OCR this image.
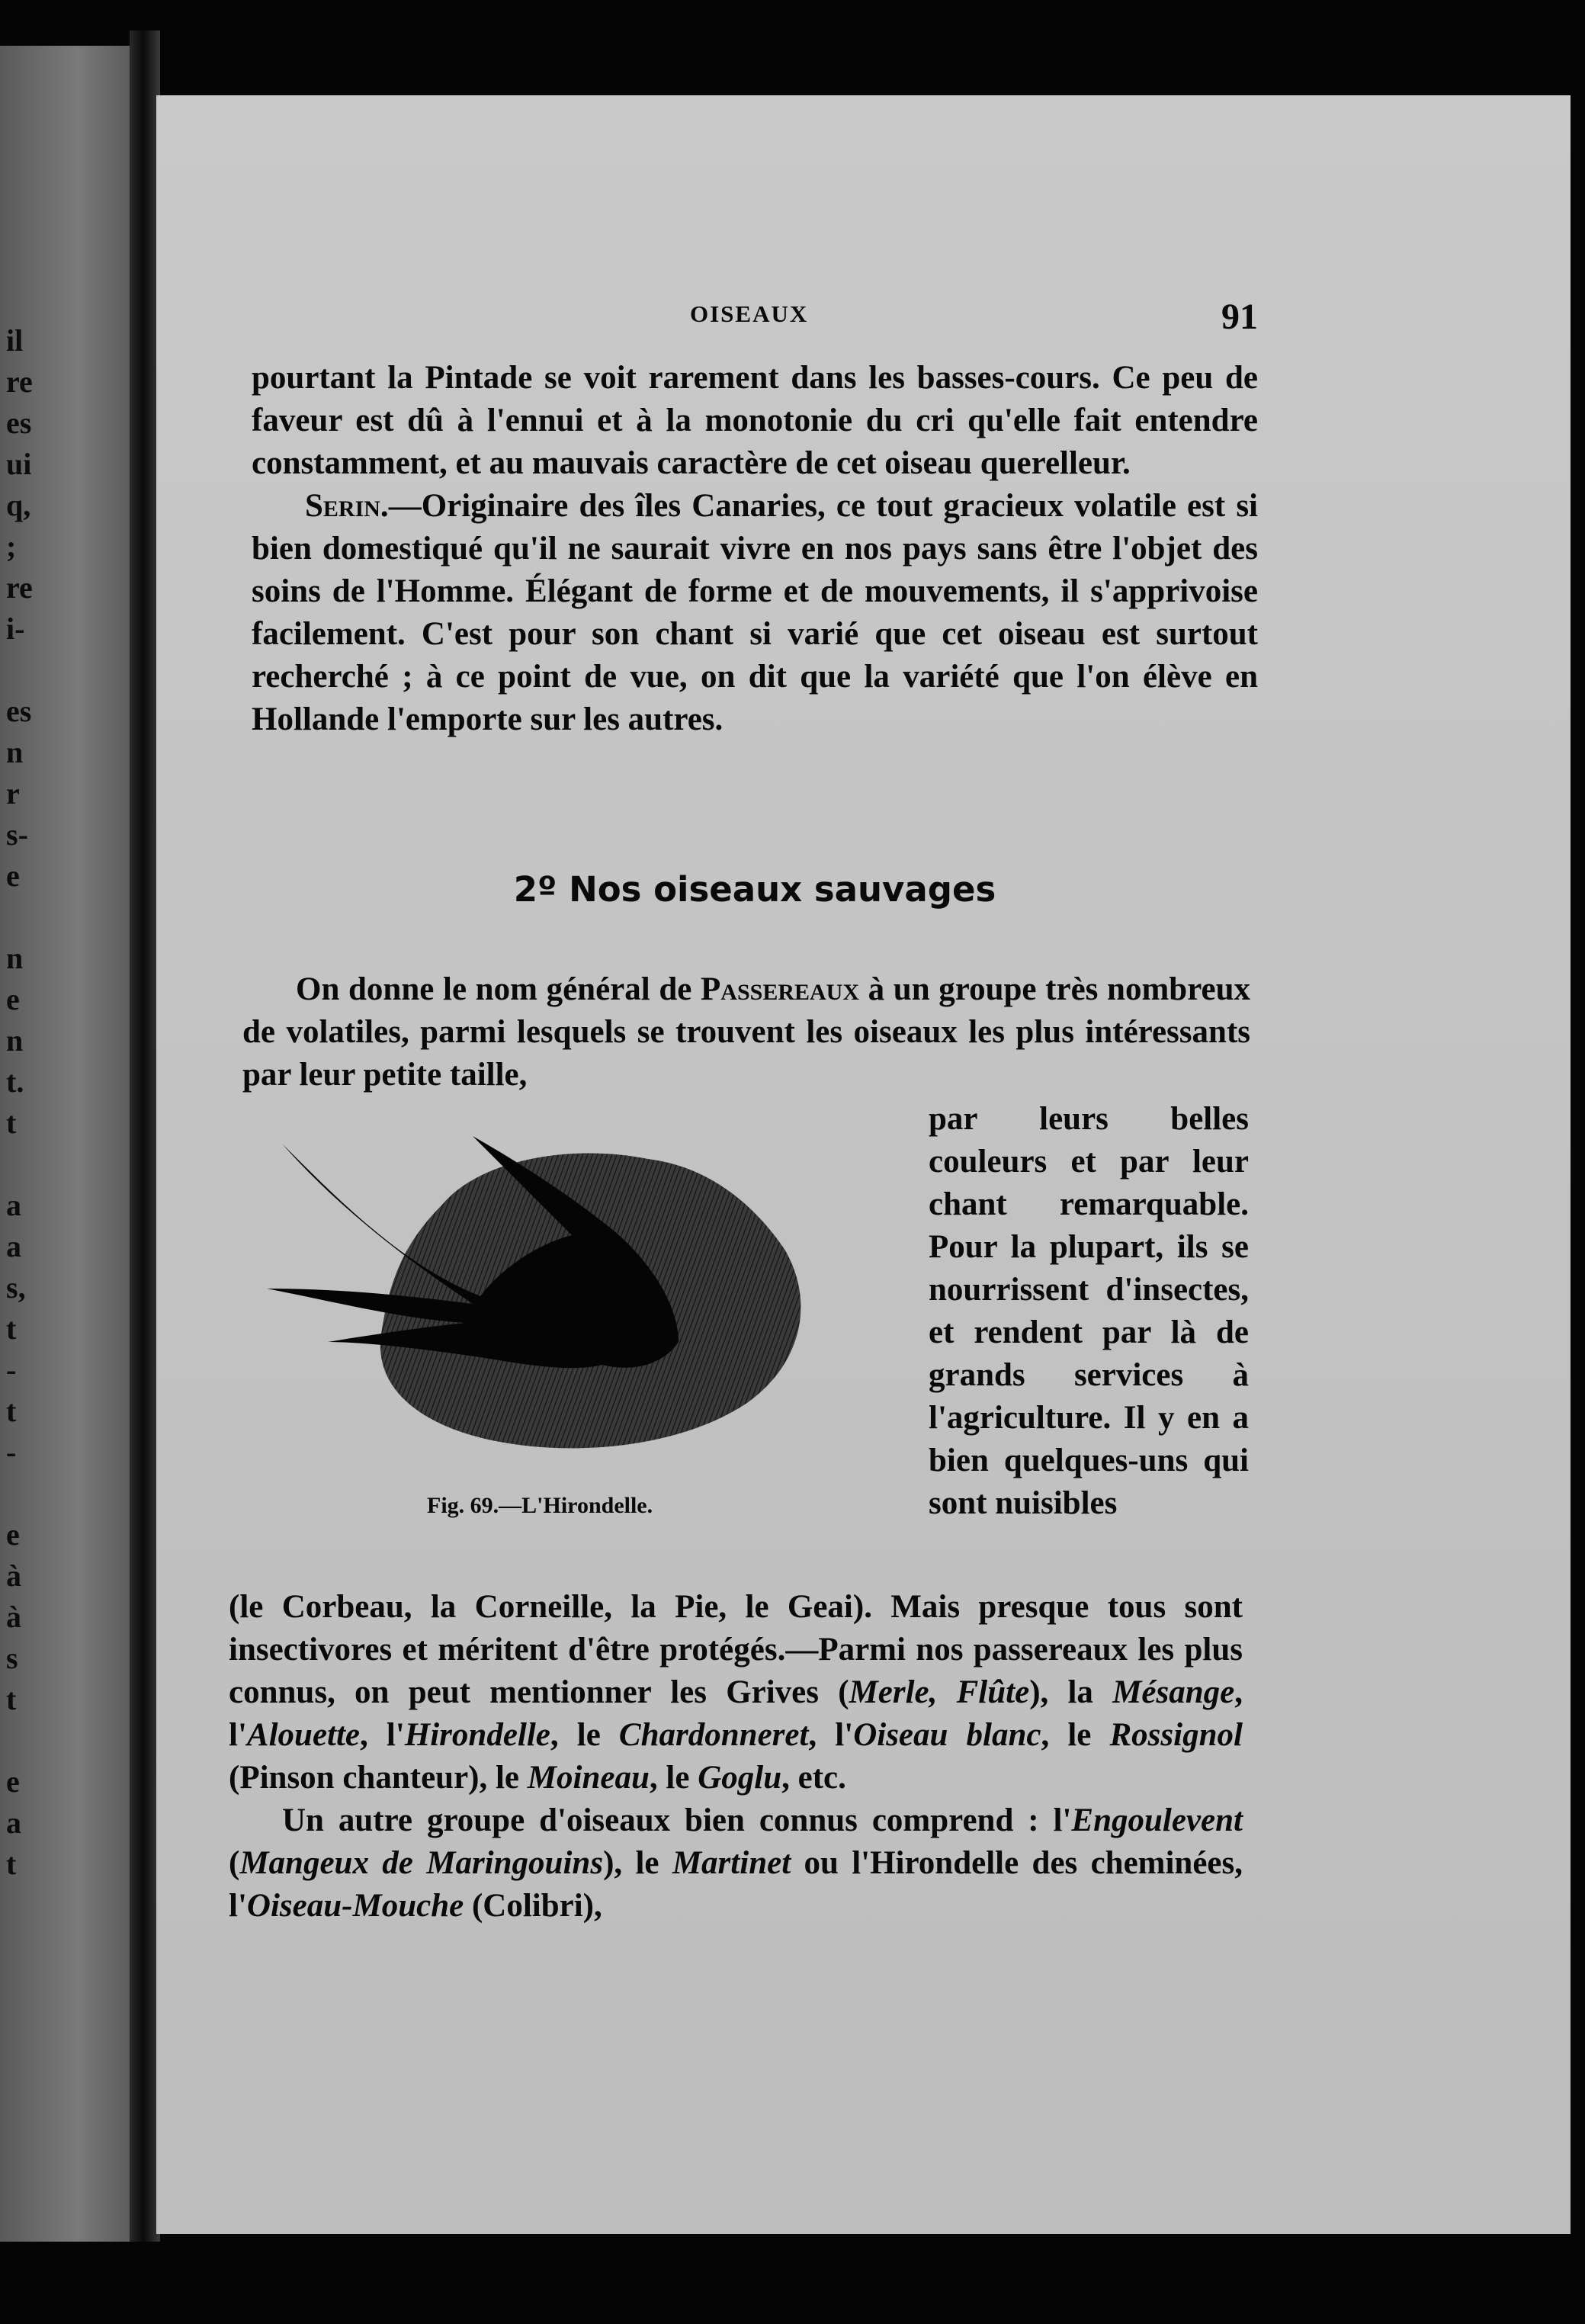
il
re
es
ui
q,
;
re
i-
es
n
r
s-
e
n
e
n
t.
t
a
a
s,
t
-
t
-
e
à
à
s
t
e
a
t
OISEAUX	91

pourtant la Pintade se voit rarement dans les basses-cours. Ce peu de faveur est dû à l'ennui et à la monotonie du cri qu'elle fait entendre constamment, et au mauvais caractère de cet oiseau querelleur.

Serin.—Originaire des îles Canaries, ce tout gracieux volatile est si bien domestiqué qu'il ne saurait vivre en nos pays sans être l'objet des soins de l'Homme. Élégant de forme et de mouvements, il s'apprivoise facilement. C'est pour son chant si varié que cet oiseau est surtout recherché ; à ce point de vue, on dit que la variété que l'on élève en Hollande l'emporte sur les autres.

2º Nos oiseaux sauvages

On donne le nom général de Passereaux à un groupe très nombreux de volatiles, parmi lesquels se trouvent les oiseaux les plus intéressants par leur petite taille,

Fig. 69.—L'Hirondelle.

par leurs belles couleurs et par leur chant remarquable. Pour la plupart, ils se nourrissent d'insectes, et rendent par là de grands services à l'agriculture. Il y en a bien quelques-uns qui sont nuisibles

(le Corbeau, la Corneille, la Pie, le Geai). Mais presque tous sont insectivores et méritent d'être protégés.—Parmi nos passereaux les plus connus, on peut mentionner les Grives (Merle, Flûte), la Mésange, l'Alouette, l'Hirondelle, le Chardonneret, l'Oiseau blanc, le Rossignol (Pinson chanteur), le Moineau, le Goglu, etc.

Un autre groupe d'oiseaux bien connus comprend : l'Engoulevent (Mangeux de Maringouins), le Martinet ou l'Hirondelle des cheminées, l'Oiseau-Mouche (Colibri),
